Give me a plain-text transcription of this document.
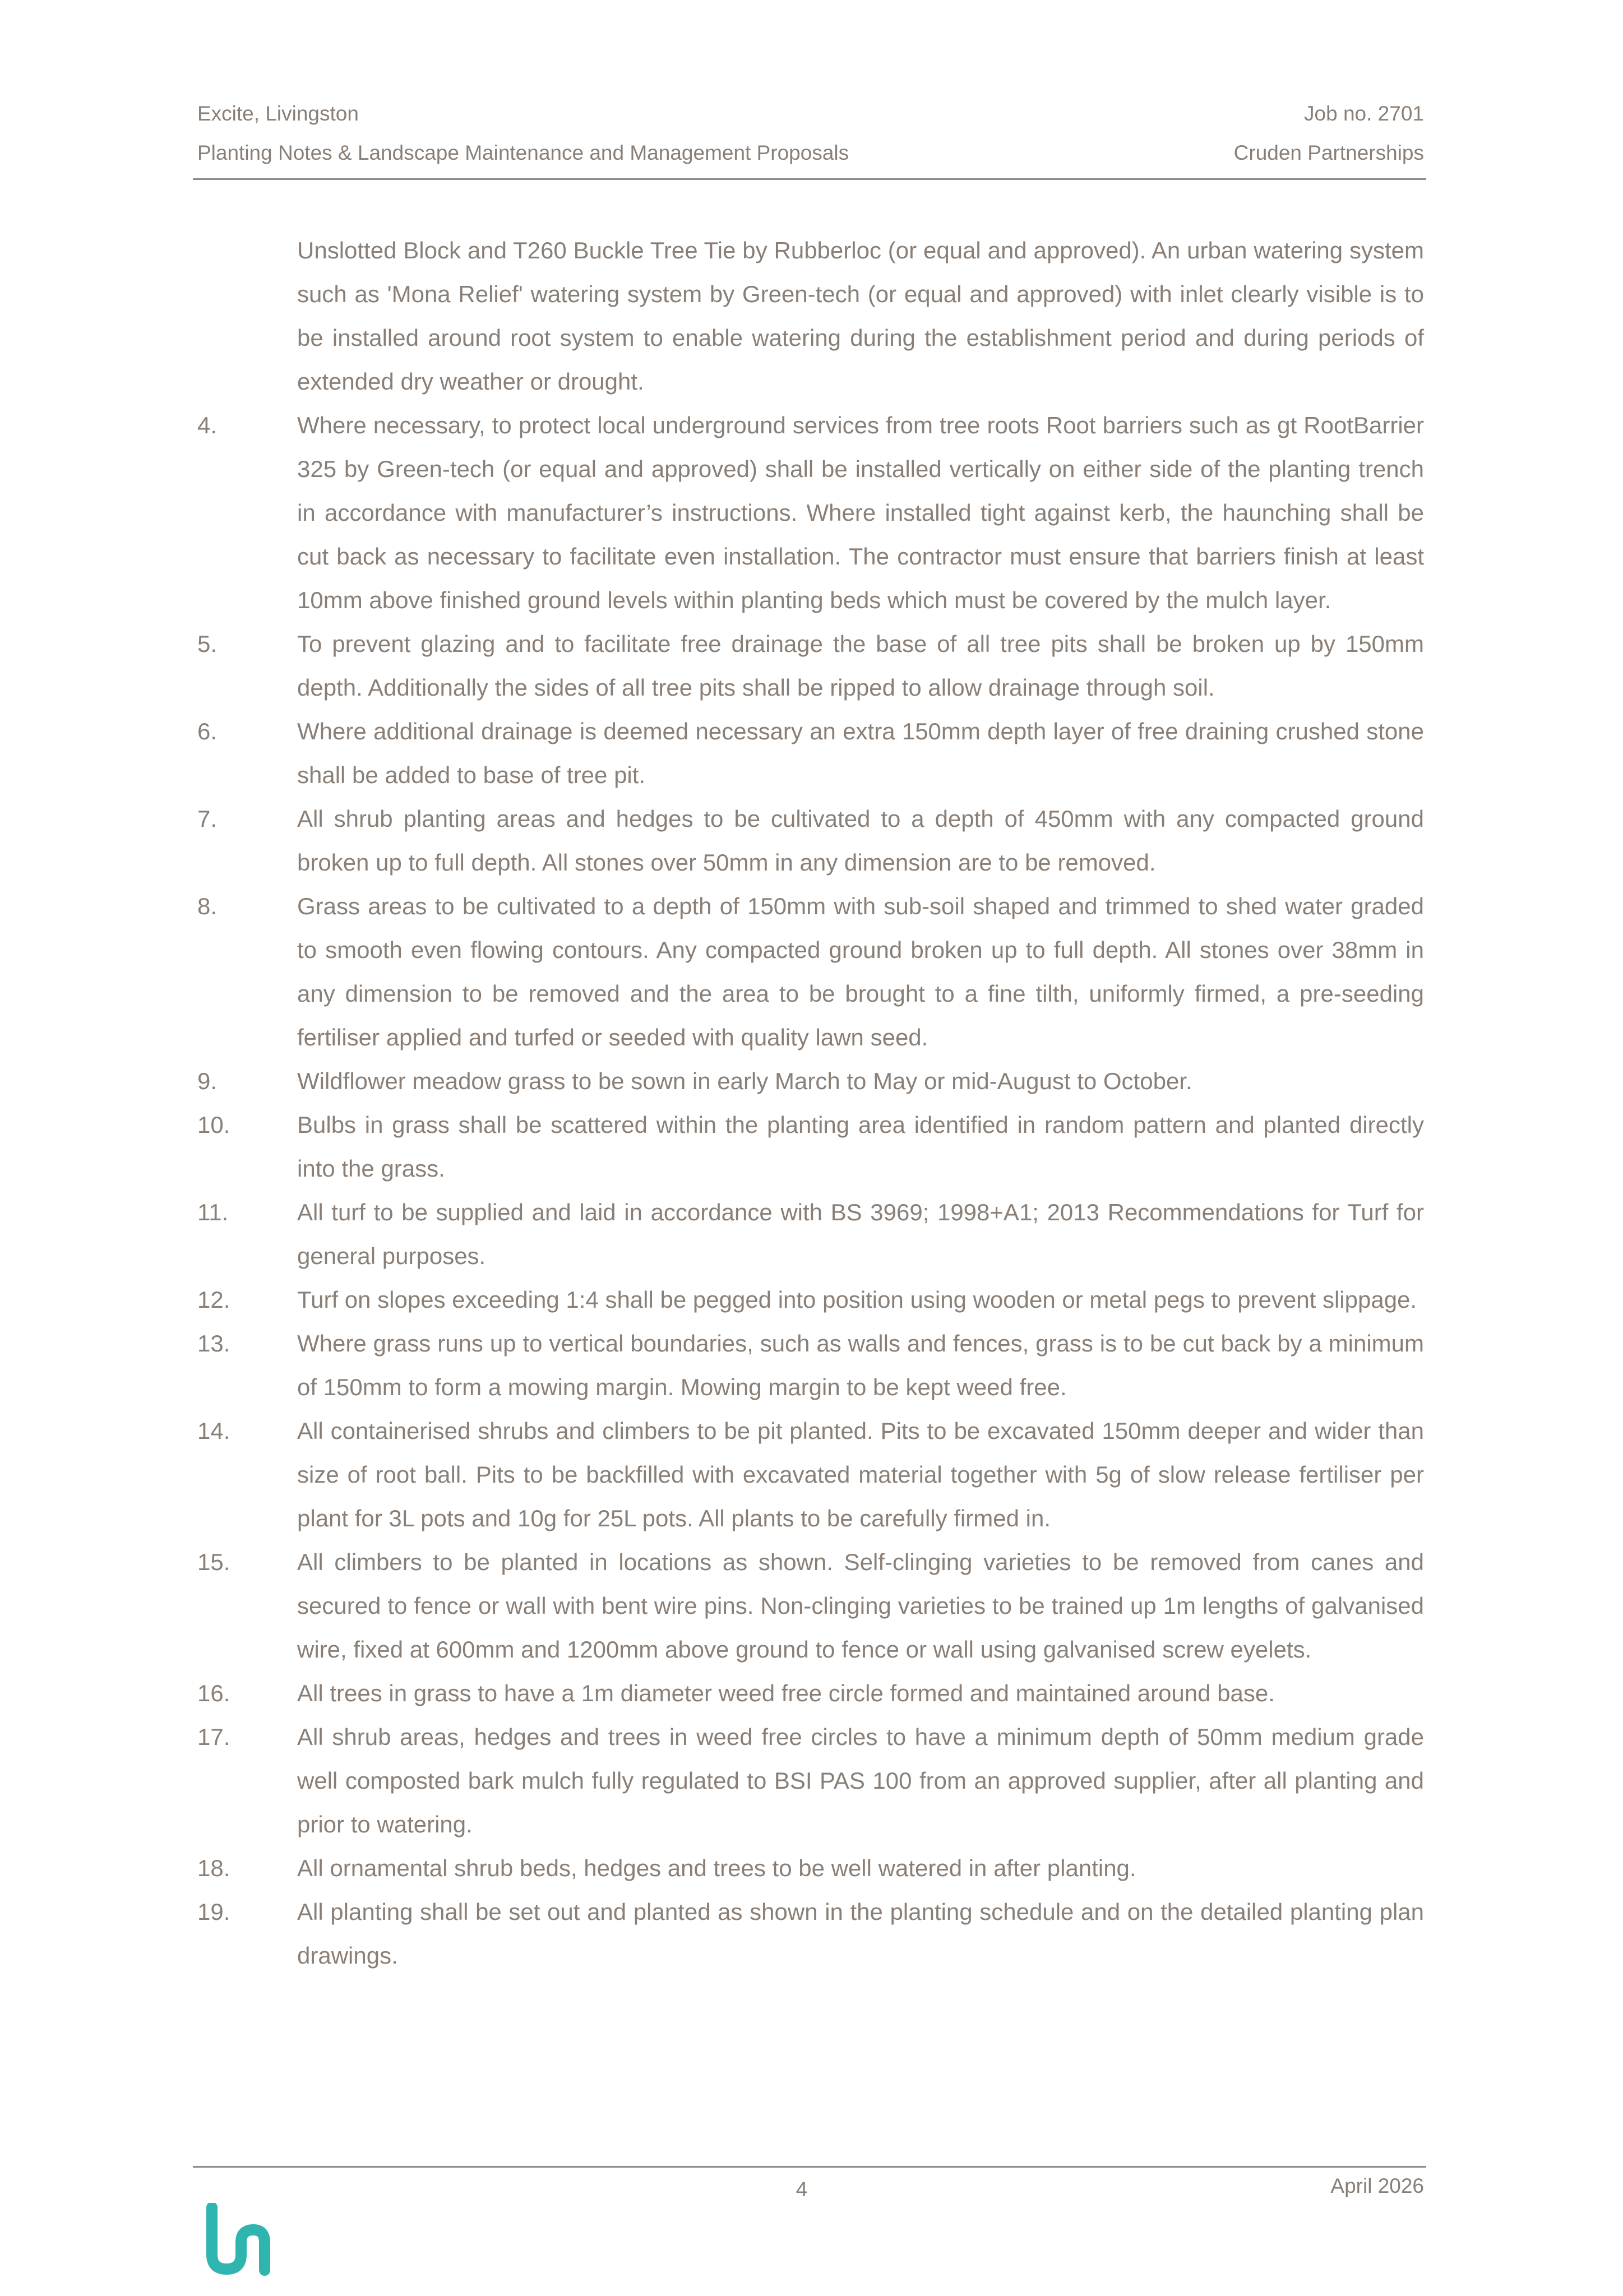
Excite, Livingston	Job no. 2701
Planting Notes & Landscape Maintenance and Management Proposals	Cruden Partnerships
Unslotted Block and T260 Buckle Tree Tie by Rubberloc (or equal and approved). An urban watering system such as 'Mona Relief' watering system by Green-tech (or equal and approved) with inlet clearly visible is to be installed around root system to enable watering during the establishment period and during periods of extended dry weather or drought.
4.	Where necessary, to protect local underground services from tree roots Root barriers such as gt RootBarrier 325 by Green-tech (or equal and approved) shall be installed vertically on either side of the planting trench in accordance with manufacturer’s instructions. Where installed tight against kerb, the haunching shall be cut back as necessary to facilitate even installation. The contractor must ensure that barriers finish at least 10mm above finished ground levels within planting beds which must be covered by the mulch layer.
5.	To prevent glazing and to facilitate free drainage the base of all tree pits shall be broken up by 150mm depth. Additionally the sides of all tree pits shall be ripped to allow drainage through soil.
6.	Where additional drainage is deemed necessary an extra 150mm depth layer of free draining crushed stone shall be added to base of tree pit.
7.	All shrub planting areas and hedges to be cultivated to a depth of 450mm with any compacted ground broken up to full depth. All stones over 50mm in any dimension are to be removed.
8.	Grass areas to be cultivated to a depth of 150mm with sub-soil shaped and trimmed to shed water graded to smooth even flowing contours. Any compacted ground broken up to full depth. All stones over 38mm in any dimension to be removed and the area to be brought to a fine tilth, uniformly firmed, a pre-seeding fertiliser applied and turfed or seeded with quality lawn seed.
9.	Wildflower meadow grass to be sown in early March to May or mid-August to October.
10.	Bulbs in grass shall be scattered within the planting area identified in random pattern and planted directly into the grass.
11.	All turf to be supplied and laid in accordance with BS 3969; 1998+A1; 2013 Recommendations for Turf for general purposes.
12.	Turf on slopes exceeding 1:4 shall be pegged into position using wooden or metal pegs to prevent slippage.
13.	Where grass runs up to vertical boundaries, such as walls and fences, grass is to be cut back by a minimum of 150mm to form a mowing margin. Mowing margin to be kept weed free.
14.	All containerised shrubs and climbers to be pit planted. Pits to be excavated 150mm deeper and wider than size of root ball. Pits to be backfilled with excavated material together with 5g of slow release fertiliser per plant for 3L pots and 10g for 25L pots. All plants to be carefully firmed in.
15.	All climbers to be planted in locations as shown. Self-clinging varieties to be removed from canes and secured to fence or wall with bent wire pins. Non-clinging varieties to be trained up 1m lengths of galvanised wire, fixed at 600mm and 1200mm above ground to fence or wall using galvanised screw eyelets.
16.	All trees in grass to have a 1m diameter weed free circle formed and maintained around base.
17.	All shrub areas, hedges and trees in weed free circles to have a minimum depth of 50mm medium grade well composted bark mulch fully regulated to BSI PAS 100 from an approved supplier, after all planting and prior to watering.
18.	All ornamental shrub beds, hedges and trees to be well watered in after planting.
19.	All planting shall be set out and planted as shown in the planting schedule and on the detailed planting plan drawings.
4	April 2026
